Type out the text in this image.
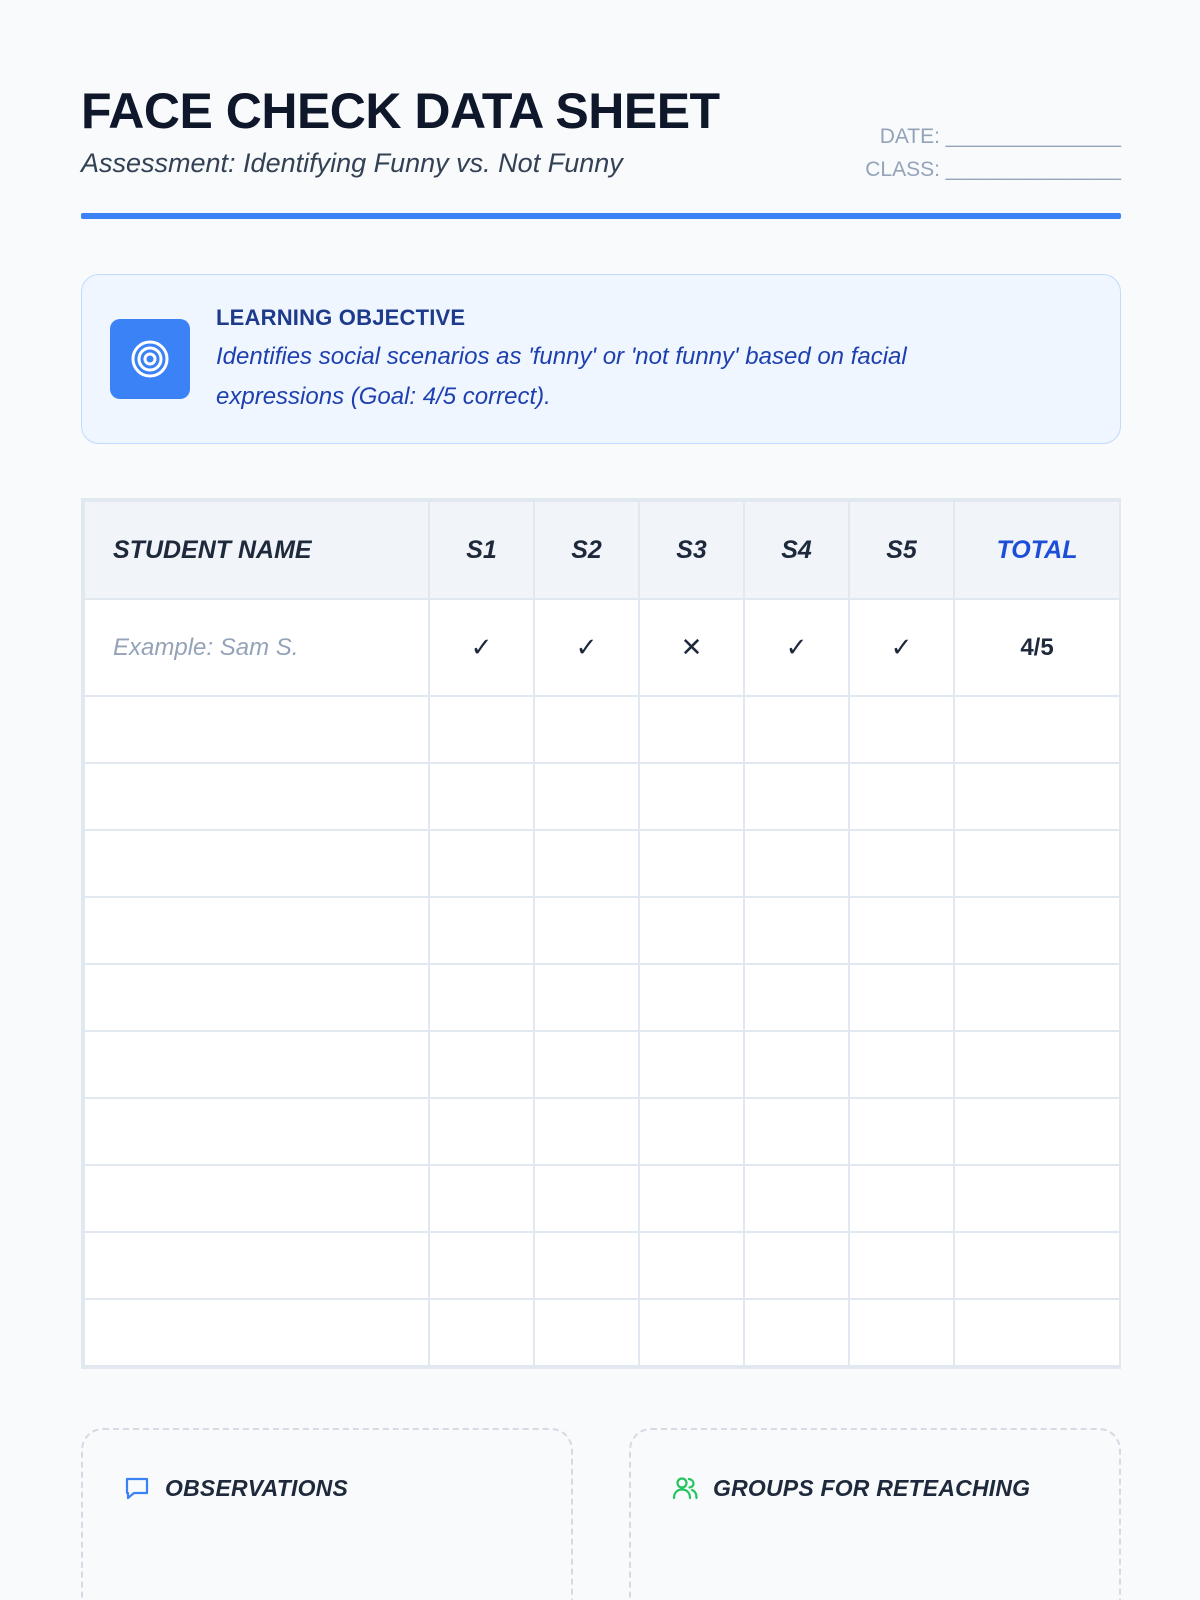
FACE CHECK DATA SHEET
Assessment: Identifying Funny vs. Not Funny
DATE: _______________
CLASS: _______________
LEARNING OBJECTIVE
Identifies social scenarios as 'funny' or 'not funny' based on facial expressions (Goal: 4/5 correct).
STUDENT NAME	S1	S2	S3	S4	S5	TOTAL
Example: Sam S.	✓	✓	✕	✓	✓	4/5

OBSERVATIONS	GROUPS FOR RETEACHING
